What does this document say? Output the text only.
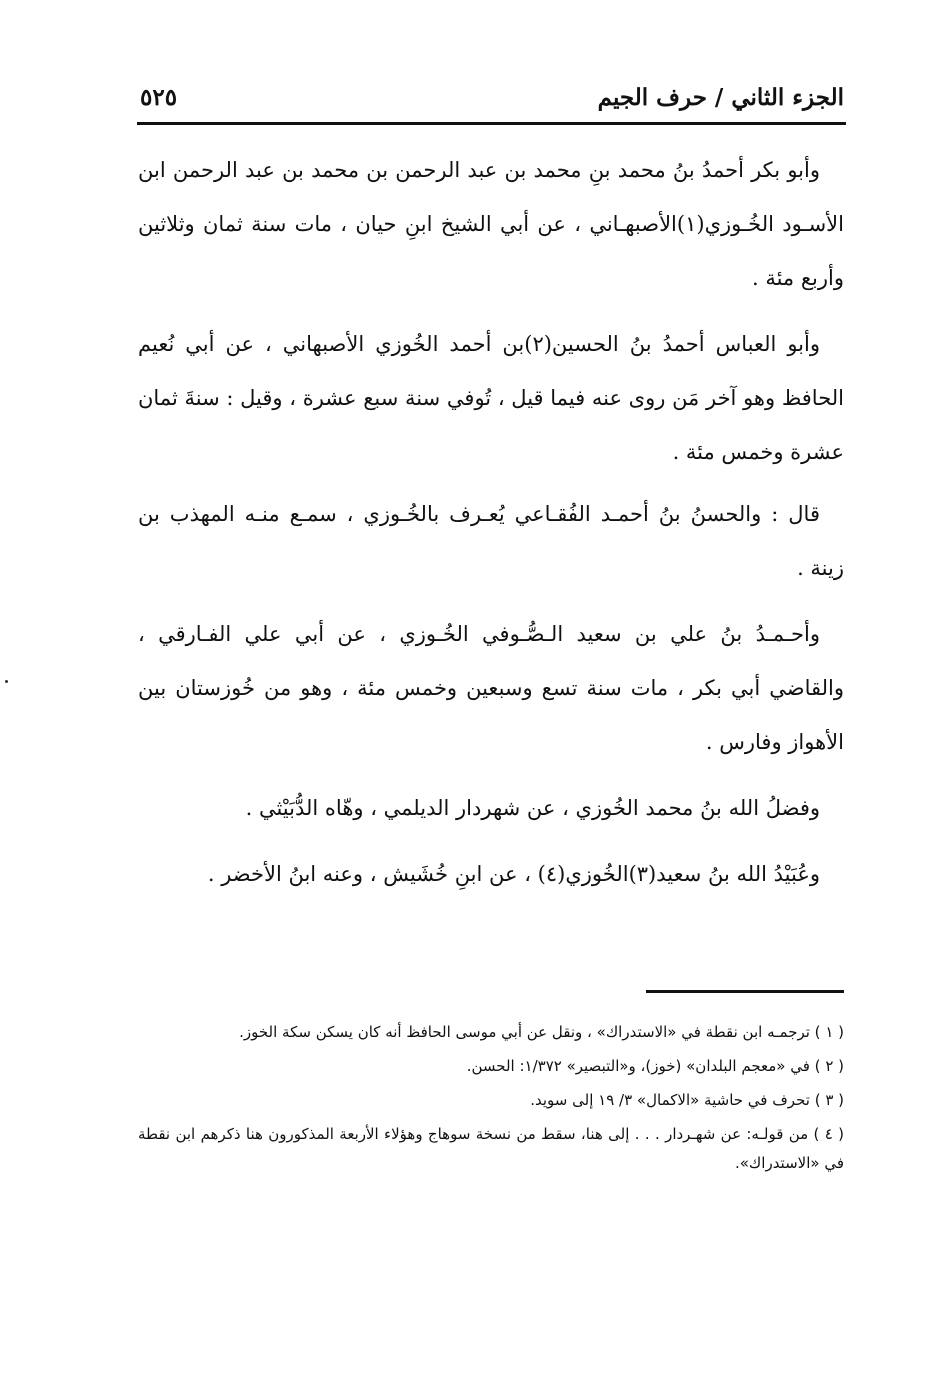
الجزء الثاني / حرف الجيم
٥٢٥

وأبو بكر أحمدُ بنُ محمد بنِ محمد بن عبد الرحمن بن محمد بن عبد الرحمن ابن الأسـود الخُـوزي(١)الأصبهـاني ، عن أبي الشيخ ابنِ حيان ، مات سنة ثمان وثلاثين وأربع مئة .

وأبو العباس أحمدُ بنُ الحسين(٢)بن أحمد الخُوزي الأصبهاني ، عن أبي نُعيم الحافظ وهو آخر مَن روى عنه فيما قيل ، تُوفي سنة سبع عشرة ، وقيل : سنةَ ثمان عشرة وخمس مئة .

قال : والحسنُ بنُ أحمـد الفُقـاعي يُعـرف بالخُـوزي ، سمـع منـه المهذب بن زينة .

وأحـمـدُ بنُ علي بن سعيد الـصُّـوفي الخُـوزي ، عن أبي علي الفـارقي ، والقاضي أبي بكر ، مات سنة تسع وسبعين وخمس مئة ، وهو من خُوزستان بين الأهواز وفارس .

وفضلُ الله بنُ محمد الخُوزي ، عن شهردار الديلمي ، وهّاه الدُّبَيْثي .

وعُبَيْدُ الله بنُ سعيد(٣)الخُوزي(٤) ، عن ابنِ خُشَيش ، وعنه ابنُ الأخضر .

( ١ ) ترجمـه ابن نقطة في «الاستدراك» ، ونقل عن أبي موسى الحافظ أنه كان يسكن سكة الخوز.

( ٢ ) في «معجم البلدان» (خوز)، و«التبصير» ١/٣٧٢: الحسن.

( ٣ ) تحرف في حاشية «الاكمال» ٣/ ١٩ إلى سويد.

( ٤ ) من قولـه: عن شهـردار . . . إلى هنا، سقط من نسخة سوهاج وهؤلاء الأربعة المذكورون هنا ذكرهم ابن نقطة في «الاستدراك».
